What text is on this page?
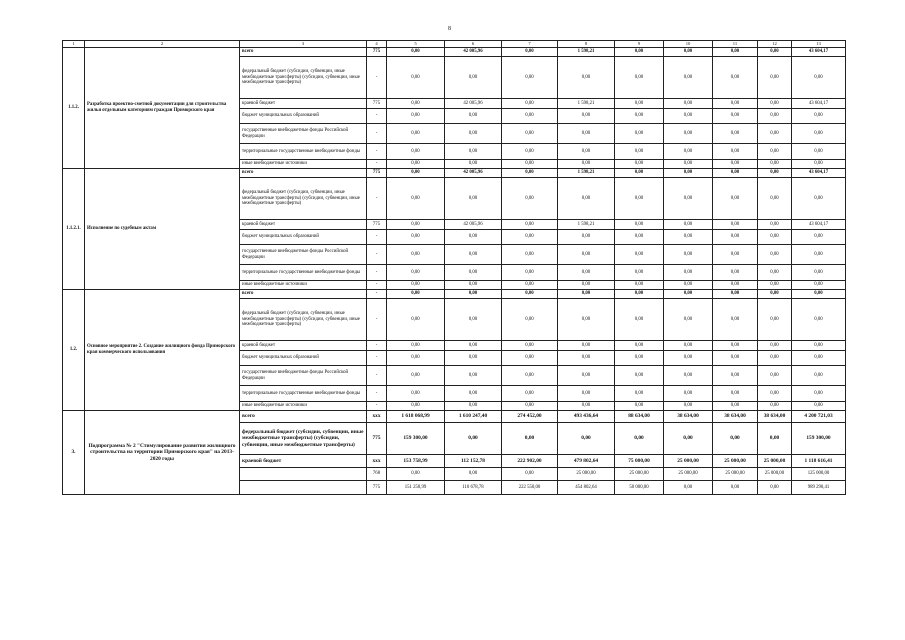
8
1	2	3	4	5	6	7	8	9	10	11	12	13
1.1.2.	Разработка проектно-сметной документации для строительства жилья отдельным категориям граждан Приморского края	всего	775	0,00	42 005,96	0,00	1 598,21	0,00	0,00	0,00	0,00	43 604,17
		федеральный бюджет (субсидии, субвенции, иные межбюджетные трансферты) (субсидии, субвенции, иные межбюджетные трансферты)	-	0,00	0,00	0,00	0,00	0,00	0,00	0,00	0,00	0,00
		краевой бюджет	775	0,00	42 005,96	0,00	1 598,21	0,00	0,00	0,00	0,00	43 604,17
		бюджет муниципальных образований	-	0,00	0,00	0,00	0,00	0,00	0,00	0,00	0,00	0,00
		государственные внебюджетные фонды Российской Федерации	-	0,00	0,00	0,00	0,00	0,00	0,00	0,00	0,00	0,00
		территориальные государственные внебюджетные фонды	-	0,00	0,00	0,00	0,00	0,00	0,00	0,00	0,00	0,00
		иные внебюджетные источники	-	0,00	0,00	0,00	0,00	0,00	0,00	0,00	0,00	0,00
1.1.2.1.	Исполнение по судебным актам	всего	775	0,00	42 005,96	0,00	1 598,21	0,00	0,00	0,00	0,00	43 604,17
		федеральный бюджет (субсидии, субвенции, иные межбюджетные трансферты) (субсидии, субвенции, иные межбюджетные трансферты)	-	0,00	0,00	0,00	0,00	0,00	0,00	0,00	0,00	0,00
		краевой бюджет	775	0,00	42 005,96	0,00	1 598,21	0,00	0,00	0,00	0,00	43 604,17
		бюджет муниципальных образований	-	0,00	0,00	0,00	0,00	0,00	0,00	0,00	0,00	0,00
		государственные внебюджетные фонды Российской Федерации	-	0,00	0,00	0,00	0,00	0,00	0,00	0,00	0,00	0,00
		территориальные государственные внебюджетные фонды	-	0,00	0,00	0,00	0,00	0,00	0,00	0,00	0,00	0,00
		иные внебюджетные источники	-	0,00	0,00	0,00	0,00	0,00	0,00	0,00	0,00	0,00
1.2.	Основное мероприятие 2. Создание жилищного фонда Приморского края коммерческого использования	всего	-	0,00	0,00	0,00	0,00	0,00	0,00	0,00	0,00	0,00
		федеральный бюджет (субсидии, субвенции, иные межбюджетные трансферты) (субсидии, субвенции, иные межбюджетные трансферты)	-	0,00	0,00	0,00	0,00	0,00	0,00	0,00	0,00	0,00
		краевой бюджет	-	0,00	0,00	0,00	0,00	0,00	0,00	0,00	0,00	0,00
		бюджет муниципальных образований	-	0,00	0,00	0,00	0,00	0,00	0,00	0,00	0,00	0,00
		государственные внебюджетные фонды Российской Федерации	-	0,00	0,00	0,00	0,00	0,00	0,00	0,00	0,00	0,00
		территориальные государственные внебюджетные фонды	-	0,00	0,00	0,00	0,00	0,00	0,00	0,00	0,00	0,00
		иные внебюджетные источники	-	0,00	0,00	0,00	0,00	0,00	0,00	0,00	0,00	0,00
3.	Подпрограмма № 2 "Стимулирование развития жилищного строительства на территории Приморского края" на 2013-2020 годы	всего	xxx	1 618 068,99	1 610 247,40	274 452,00	493 436,64	88 634,00	38 634,00	38 634,00	38 634,00	4 200 721,03
		федеральный бюджет (субсидии, субвенции, иные межбюджетные трансферты) (субсидии, субвенции, иные межбюджетные трансферты)	775	159 300,00	0,00	0,00	0,00	0,00	0,00	0,00	0,00	159 300,00
		краевой бюджет	xxx	153 758,99	112 152,78	222 902,00	479 802,64	75 000,00	25 000,00	25 000,00	25 000,00	1 118 616,41
			768	0,00	0,00	0,00	25 000,00	25 000,00	25 000,00	25 000,00	25 000,00	125 000,00
			775	151 258,99	110 678,78	222 550,00	454 802,64	50 000,00	0,00	0,00	0,00	989 290,41
